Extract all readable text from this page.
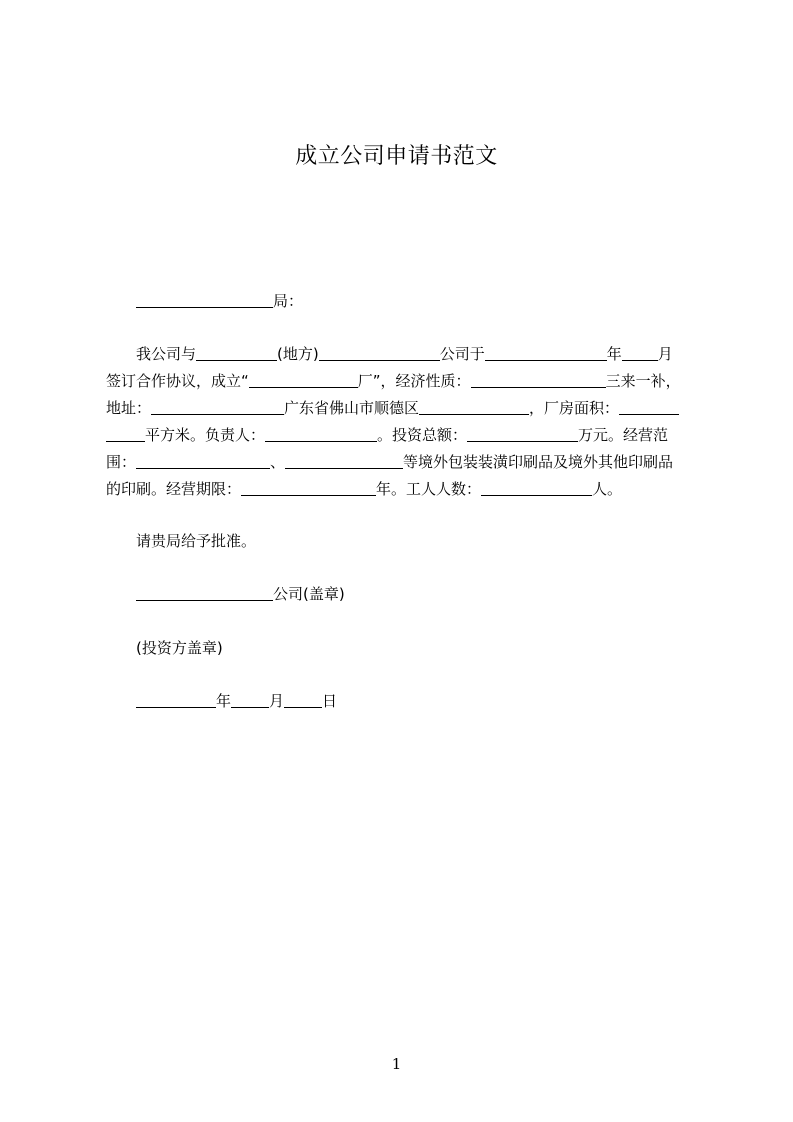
成立公司申请书范文
局：
我公司与	(地方)	公司于	年 月
签订合作协议，成立“	厂”，经济性质：	三来一补，
地址：	广东省佛山市顺德区	，厂房面积：
平方米。负责人：	。投资总额：	万元。经营范
围：	、	等境外包装装潢印刷品及境外其他印刷品
的印刷。经营期限：	年。工人人数：	人。
请贵局给予批准。
公司(盖章)
(投资方盖章)
年	月	日
1
